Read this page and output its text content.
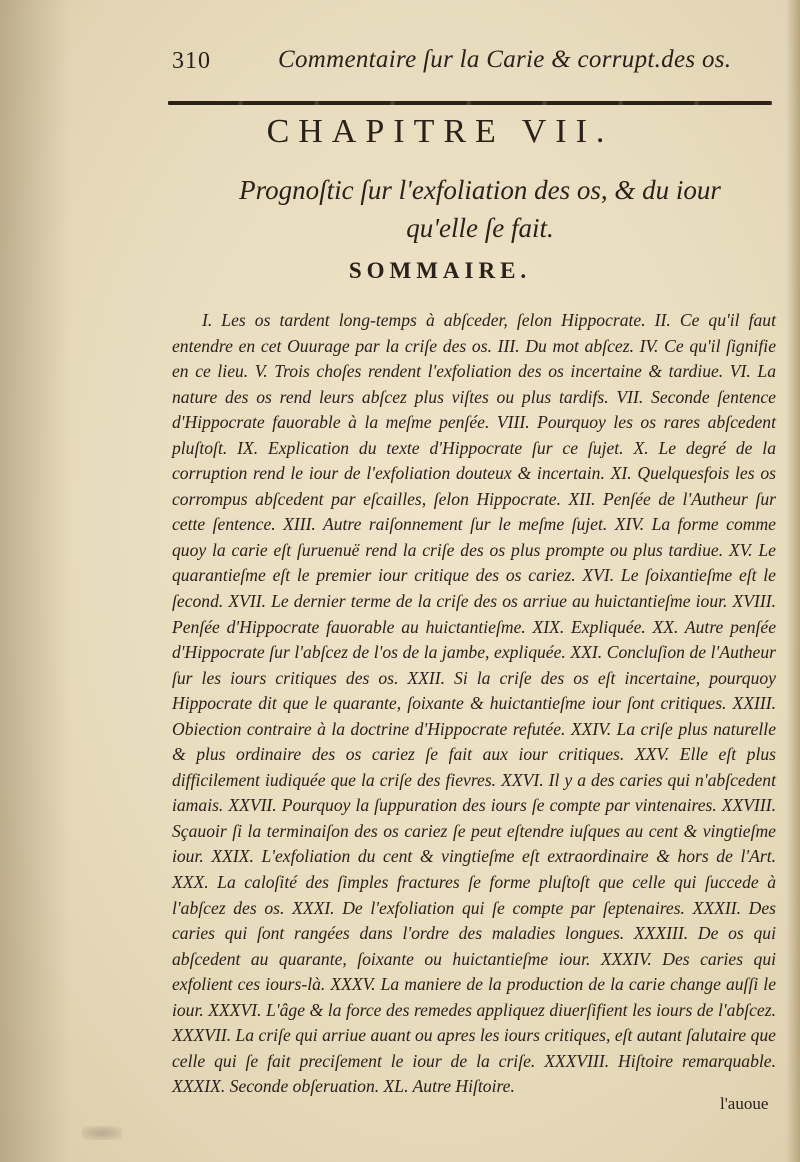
310	Commentaire ſur la Carie & corrupt.des os.
CHAPITRE VII.
Prognoſtic ſur l'exfoliation des os, & du iour qu'elle ſe fait.
SOMMAIRE.
I. Les os tardent long-temps à abſceder, ſelon Hippocrate. II. Ce qu'il faut entendre en cet Ouurage par la criſe des os. III. Du mot abſcez. IV. Ce qu'il ſignifie en ce lieu. V. Trois choſes rendent l'exfoliation des os incertaine & tardiue. VI. La nature des os rend leurs abſcez plus viſtes ou plus tardifs. VII. Seconde ſentence d'Hippocrate fauorable à la meſme penſée. VIII. Pourquoy les os rares abſcedent pluſtoſt. IX. Explication du texte d'Hippocrate ſur ce ſujet. X. Le degré de la corruption rend le iour de l'exfoliation douteux & incertain. XI. Quelquesfois les os corrompus abſcedent par eſcailles, ſelon Hippocrate. XII. Penſée de l'Autheur ſur cette ſentence. XIII. Autre raiſonnement ſur le meſme ſujet. XIV. La forme comme quoy la carie eſt ſuruenuë rend la criſe des os plus prompte ou plus tardiue. XV. Le quarantieſme eſt le premier iour critique des os cariez. XVI. Le ſoixantieſme eſt le ſecond. XVII. Le dernier terme de la criſe des os arriue au huictantieſme iour. XVIII. Penſée d'Hippocrate fauorable au huictantieſme. XIX. Expliquée. XX. Autre penſée d'Hippocrate ſur l'abſcez de l'os de la jambe, expliquée. XXI. Concluſion de l'Autheur ſur les iours critiques des os. XXII. Si la criſe des os eſt incertaine, pourquoy Hippocrate dit que le quarante, ſoixante & huictantieſme iour ſont critiques. XXIII. Obiection contraire à la doctrine d'Hippocrate refutée. XXIV. La criſe plus naturelle & plus ordinaire des os cariez ſe fait aux iour critiques. XXV. Elle eſt plus difficilement iudiquée que la criſe des fievres. XXVI. Il y a des caries qui n'abſcedent iamais. XXVII. Pourquoy la ſuppuration des iours ſe compte par vintenaires. XXVIII. Sçauoir ſi la terminaiſon des os cariez ſe peut eſtendre iuſques au cent & vingtieſme iour. XXIX. L'exfoliation du cent & vingtieſme eſt extraordinaire & hors de l'Art. XXX. La caloſité des ſimples fractures ſe forme pluſtoſt que celle qui ſuccede à l'abſcez des os. XXXI. De l'exfoliation qui ſe compte par ſeptenaires. XXXII. Des caries qui ſont rangées dans l'ordre des maladies longues. XXXIII. De os qui abſcedent au quarante, ſoixante ou huictantieſme iour. XXXIV. Des caries qui exfolient ces iours-là. XXXV. La maniere de la production de la carie change auſſi le iour. XXXVI. L'âge & la force des remedes appliquez diuerſifient les iours de l'abſcez. XXXVII. La criſe qui arriue auant ou apres les iours critiques, eſt autant ſalutaire que celle qui ſe fait preciſement le iour de la criſe. XXXVIII. Hiſtoire remarquable. XXXIX. Seconde obſeruation. XL. Autre Hiſtoire.
l'auoue
